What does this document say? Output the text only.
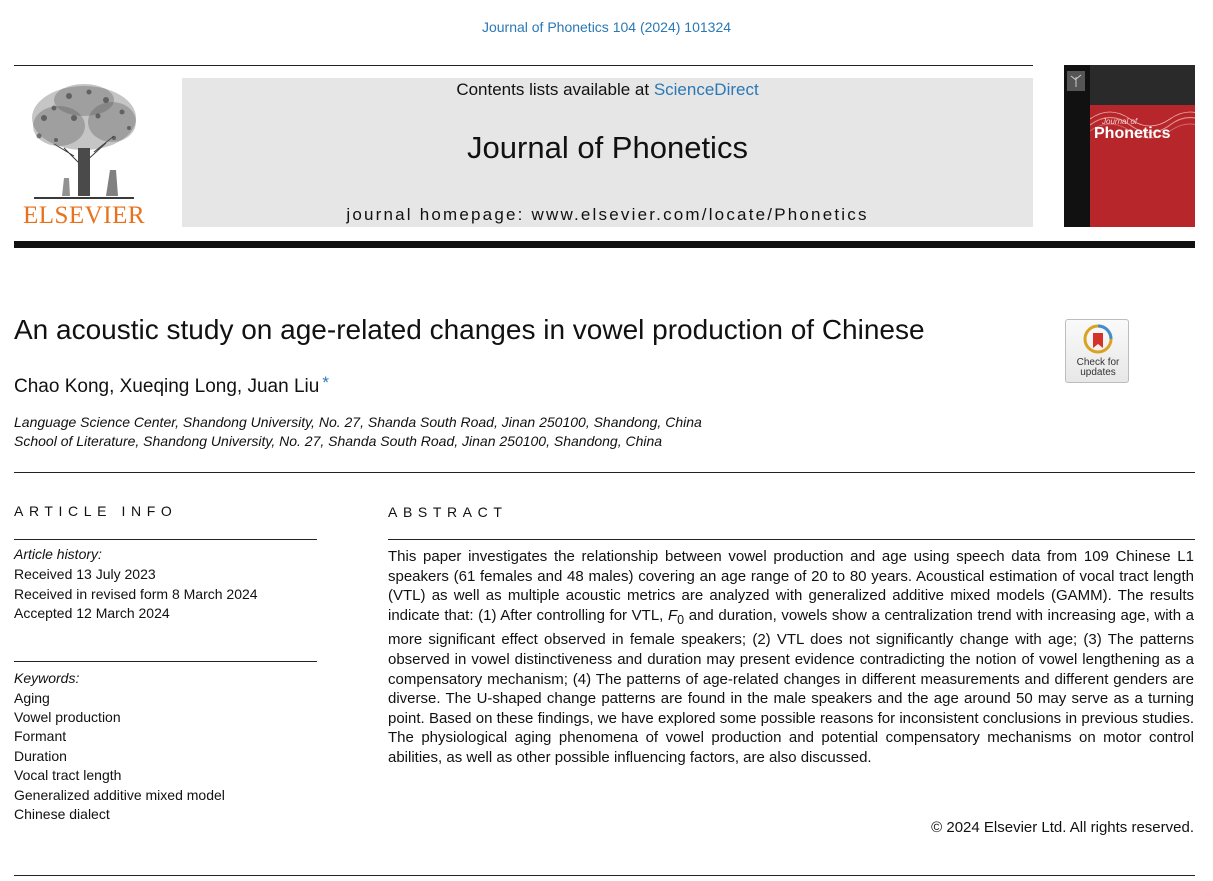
Journal of Phonetics 104 (2024) 101324
ELSEVIER
Contents lists available at ScienceDirect
Journal of Phonetics
journal homepage: www.elsevier.com/locate/Phonetics
Journal of
Phonetics
An acoustic study on age-related changes in vowel production of Chinese
Chao Kong, Xueqing Long, Juan Liu *
Check for
updates
Language Science Center, Shandong University, No. 27, Shanda South Road, Jinan 250100, Shandong, China
School of Literature, Shandong University, No. 27, Shanda South Road, Jinan 250100, Shandong, China
ARTICLE INFO
Article history:
Received 13 July 2023
Received in revised form 8 March 2024
Accepted 12 March 2024
Keywords:
Aging
Vowel production
Formant
Duration
Vocal tract length
Generalized additive mixed model
Chinese dialect
ABSTRACT
This paper investigates the relationship between vowel production and age using speech data from 109 Chinese L1 speakers (61 females and 48 males) covering an age range of 20 to 80 years. Acoustical estimation of vocal tract length (VTL) as well as multiple acoustic metrics are analyzed with generalized additive mixed models (GAMM). The results indicate that: (1) After controlling for VTL, $F_0$ and duration, vowels show a centralization trend with increasing age, with a more significant effect observed in female speakers; (2) VTL does not significantly change with age; (3) The patterns observed in vowel distinctiveness and duration may present evidence contradicting the notion of vowel lengthening as a compensatory mechanism; (4) The patterns of age-related changes in different measurements and different genders are diverse. The U-shaped change patterns are found in the male speakers and the age around 50 may serve as a turning point. Based on these findings, we have explored some possible reasons for inconsistent conclusions in previous studies. The physiological aging phenomena of vowel production and potential compensatory mechanisms on motor control abilities, as well as other possible influencing factors, are also discussed.
© 2024 Elsevier Ltd. All rights reserved.
